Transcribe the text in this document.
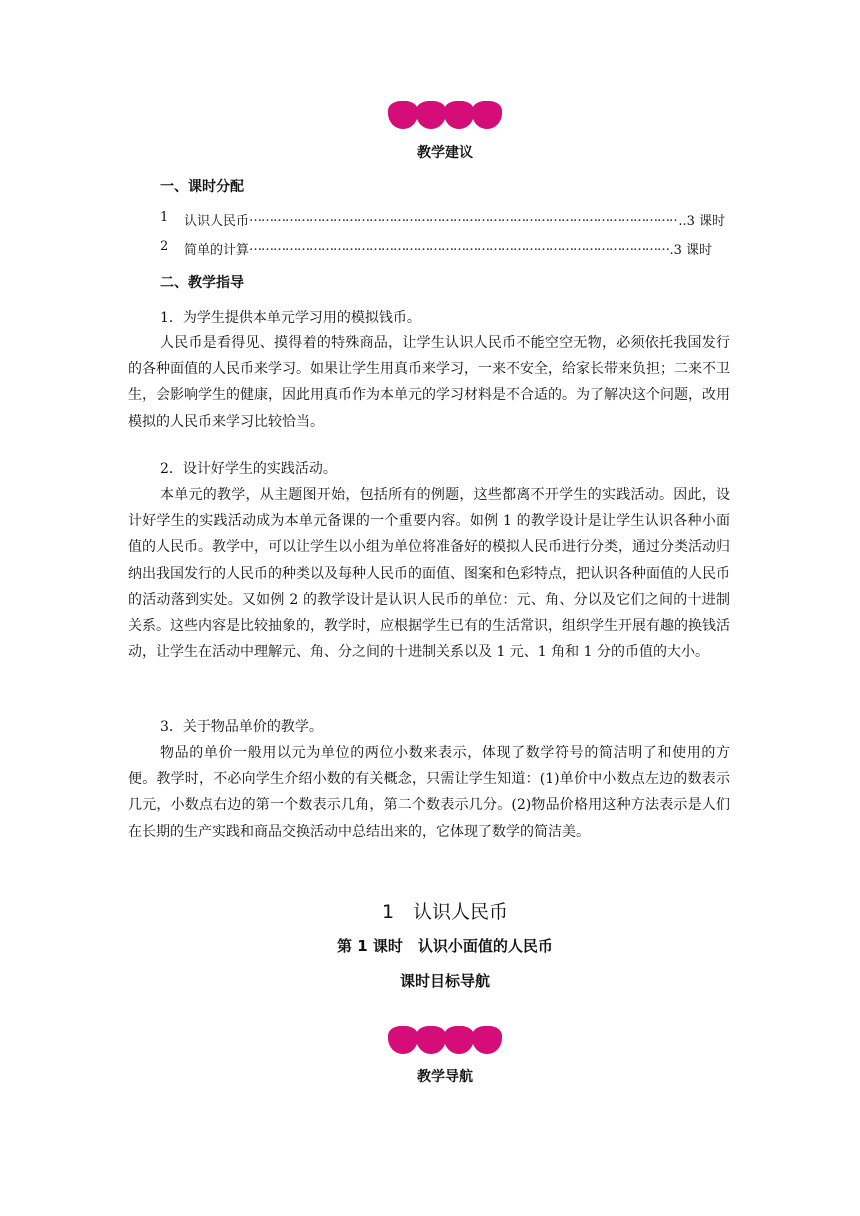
教学建议
一、课时分配
1	认识人民币 ……………………………………………………………………………………………………………………………………	..3 课时
2	简单的计算 ……………………………………………………………………………………………………………………………………	.3 课时
二、教学指导
1．为学生提供本单元学习用的模拟钱币。
人民币是看得见、摸得着的特殊商品，让学生认识人民币不能空空无物，必须依托我国发行的各种面值的人民币来学习。如果让学生用真币来学习，一来不安全，给家长带来负担；二来不卫生，会影响学生的健康，因此用真币作为本单元的学习材料是不合适的。为了解决这个问题，改用模拟的人民币来学习比较恰当。
2．设计好学生的实践活动。
本单元的教学，从主题图开始，包括所有的例题，这些都离不开学生的实践活动。因此，设计好学生的实践活动成为本单元备课的一个重要内容。如例 1 的教学设计是让学生认识各种小面值的人民币。教学中，可以让学生以小组为单位将准备好的模拟人民币进行分类，通过分类活动归纳出我国发行的人民币的种类以及每种人民币的面值、图案和色彩特点，把认识各种面值的人民币的活动落到实处。又如例 2 的教学设计是认识人民币的单位：元、角、分以及它们之间的十进制关系。这些内容是比较抽象的，教学时，应根据学生已有的生活常识，组织学生开展有趣的换钱活动，让学生在活动中理解元、角、分之间的十进制关系以及 1 元、1 角和 1 分的币值的大小。
3．关于物品单价的教学。
物品的单价一般用以元为单位的两位小数来表示，体现了数学符号的简洁明了和使用的方便。教学时，不必向学生介绍小数的有关概念，只需让学生知道：(1)单价中小数点左边的数表示几元，小数点右边的第一个数表示几角，第二个数表示几分。(2)物品价格用这种方法表示是人们在长期的生产实践和商品交换活动中总结出来的，它体现了数学的简洁美。
1　认识人民币
第 1 课时　认识小面值的人民币
课时目标导航
教学导航
